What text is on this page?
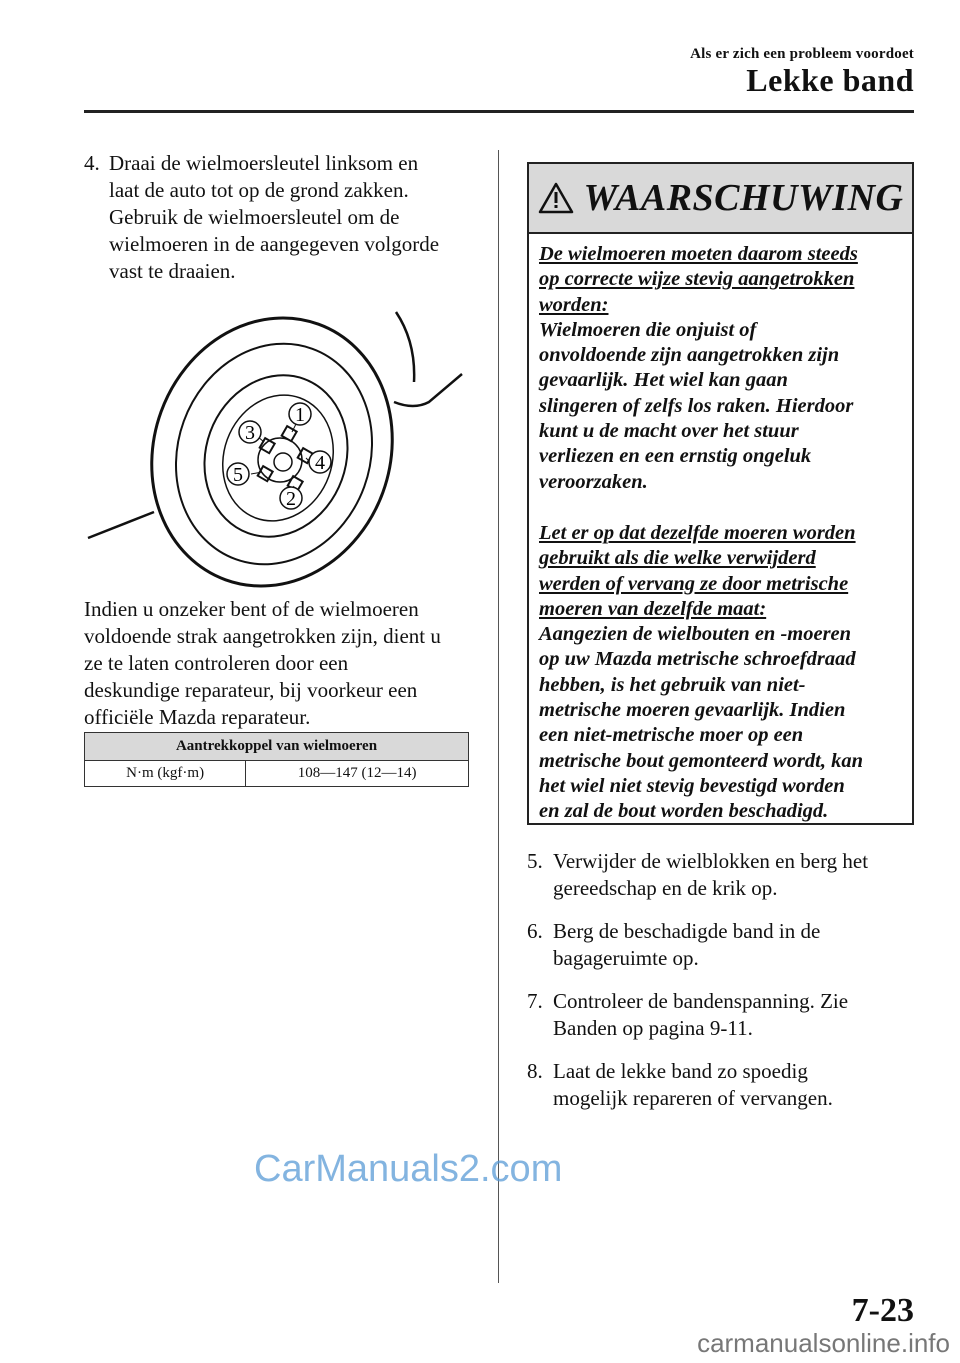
Als er zich een probleem voordoet
Lekke band
4. Draai de wielmoersleutel linksom en
laat de auto tot op de grond zakken.
Gebruik de wielmoersleutel om de
wielmoeren in de aangegeven volgorde
vast te draaien.
1
2
3
4
5
Indien u onzeker bent of de wielmoeren
voldoende strak aangetrokken zijn, dient u
ze te laten controleren door een
deskundige reparateur, bij voorkeur een
officiële Mazda reparateur.
Aantrekkoppel van wielmoeren
N·m (kgf·m)	108—147 (12—14)
WAARSCHUWING
De wielmoeren moeten daarom steeds
op correcte wijze stevig aangetrokken
worden:
Wielmoeren die onjuist of
onvoldoende zijn aangetrokken zijn
gevaarlijk. Het wiel kan gaan
slingeren of zelfs los raken. Hierdoor
kunt u de macht over het stuur
verliezen en een ernstig ongeluk
veroorzaken.
Let er op dat dezelfde moeren worden
gebruikt als die welke verwijderd
werden of vervang ze door metrische
moeren van dezelfde maat:
Aangezien de wielbouten en -moeren
op uw Mazda metrische schroefdraad
hebben, is het gebruik van niet-
metrische moeren gevaarlijk. Indien
een niet-metrische moer op een
metrische bout gemonteerd wordt, kan
het wiel niet stevig bevestigd worden
en zal de bout worden beschadigd.
5. Verwijder de wielblokken en berg het
gereedschap en de krik op.
6. Berg de beschadigde band in de
bagageruimte op.
7. Controleer de bandenspanning. Zie
Banden op pagina 9-11.
8. Laat de lekke band zo spoedig
mogelijk repareren of vervangen.
CarManuals2.com
7-23
carmanualsonline.info
